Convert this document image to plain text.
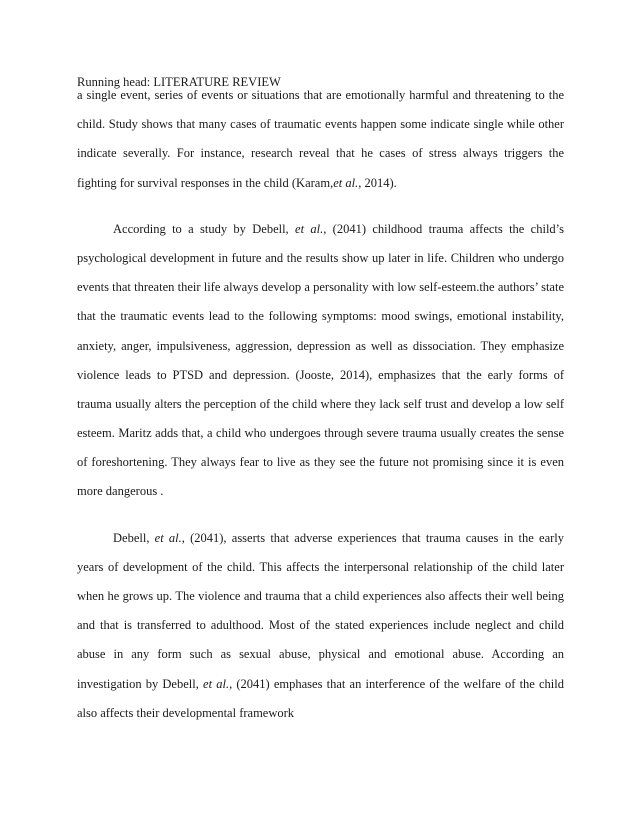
Running head: LITERATURE REVIEW
a single event, series of events or situations that are emotionally harmful and threatening to the
child. Study shows that many cases of traumatic events happen some indicate single while other
indicate severally. For instance, research reveal that he cases of stress always triggers the
fighting for survival responses in the child (Karam,et al., 2014).
According to a study by Debell, et al., (2041) childhood trauma affects the child’s
psychological development in future and the results show up later in life. Children who undergo
events that threaten their life always develop a personality with low self-esteem.the authors’ state
that the traumatic events lead to the following symptoms: mood swings, emotional instability,
anxiety, anger, impulsiveness, aggression, depression as well as dissociation. They emphasize
violence leads to PTSD and depression. (Jooste, 2014), emphasizes that the early forms of
trauma usually alters the perception of the child where they lack self trust and develop a low self
esteem. Maritz adds that, a child who undergoes through severe trauma usually creates the sense
of foreshortening. They always fear to live as they see the future not promising since it is even
more dangerous .
Debell, et al., (2041), asserts that adverse experiences that trauma causes in the early
years of development of the child. This affects the interpersonal relationship of the child later
when he grows up. The violence and trauma that a child experiences also affects their well being
and that is transferred to adulthood. Most of the stated experiences include neglect and child
abuse in any form such as sexual abuse, physical and emotional abuse. According an
investigation by Debell, et al., (2041) emphases that an interference of the welfare of the child
also affects their developmental framework
